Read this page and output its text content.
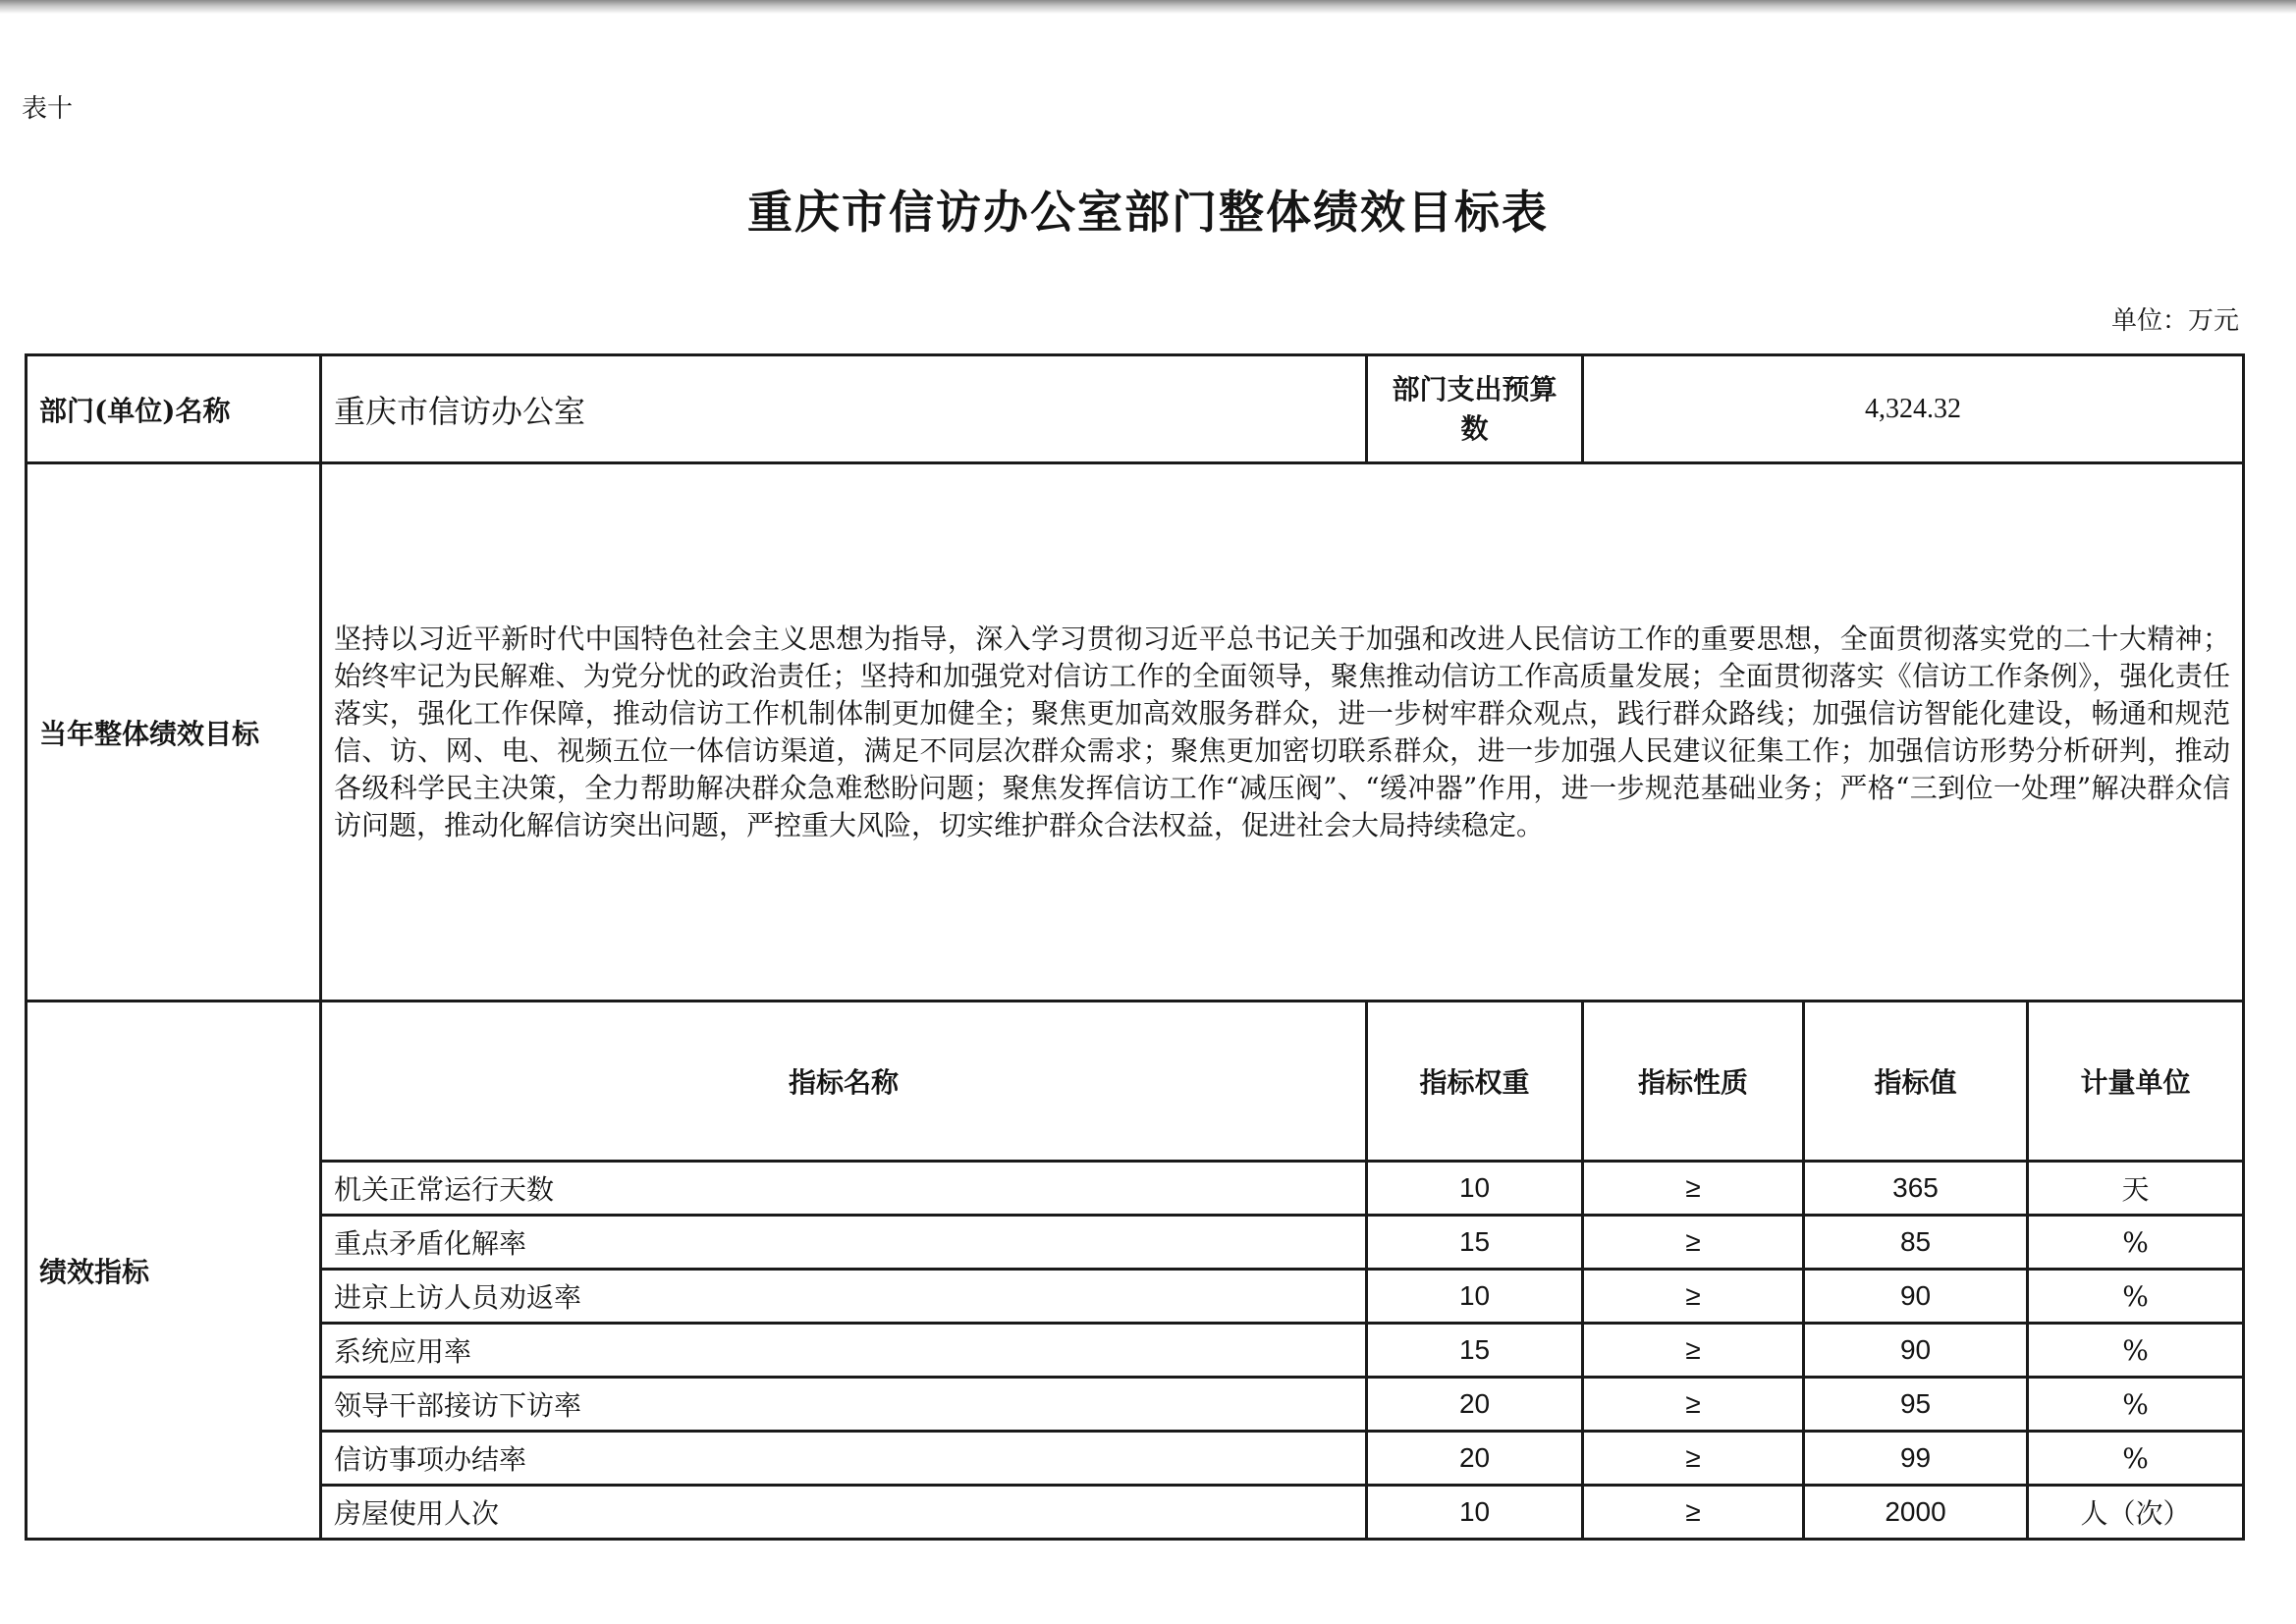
表十
重庆市信访办公室部门整体绩效目标表
单位：万元
部门(单位)名称	重庆市信访办公室	部门支出预算数	4,324.32			
当年整体绩效目标	坚持以习近平新时代中国特色社会主义思想为指导，深入学习贯彻习近平总书记关于加强和改进人民信访工作的重要思想，全面贯彻落实党的二十大精神；始终牢记为民解难、为党分忧的政治责任；坚持和加强党对信访工作的全面领导，聚焦推动信访工作高质量发展；全面贯彻落实《信访工作条例》，强化责任落实，强化工作保障，推动信访工作机制体制更加健全；聚焦更加高效服务群众，进一步树牢群众观点，践行群众路线；加强信访智能化建设，畅通和规范信、访、网、电、视频五位一体信访渠道，满足不同层次群众需求；聚焦更加密切联系群众，进一步加强人民建议征集工作；加强信访形势分析研判，推动各级科学民主决策，全力帮助解决群众急难愁盼问题；聚焦发挥信访工作“减压阀”、“缓冲器”作用，进一步规范基础业务；严格“三到位一处理”解决群众信访问题，推动化解信访突出问题，严控重大风险，切实维护群众合法权益，促进社会大局持续稳定。					
绩效指标	指标名称	指标权重	指标性质	指标值	计量单位	
	机关正常运行天数	10	≥	365	天	
	重点矛盾化解率	15	≥	85	%	
	进京上访人员劝返率	10	≥	90	%	
	系统应用率	15	≥	90	%	
	领导干部接访下访率	20	≥	95	%	
	信访事项办结率	20	≥	99	%	
	房屋使用人次	10	≥	2000	人（次）	
